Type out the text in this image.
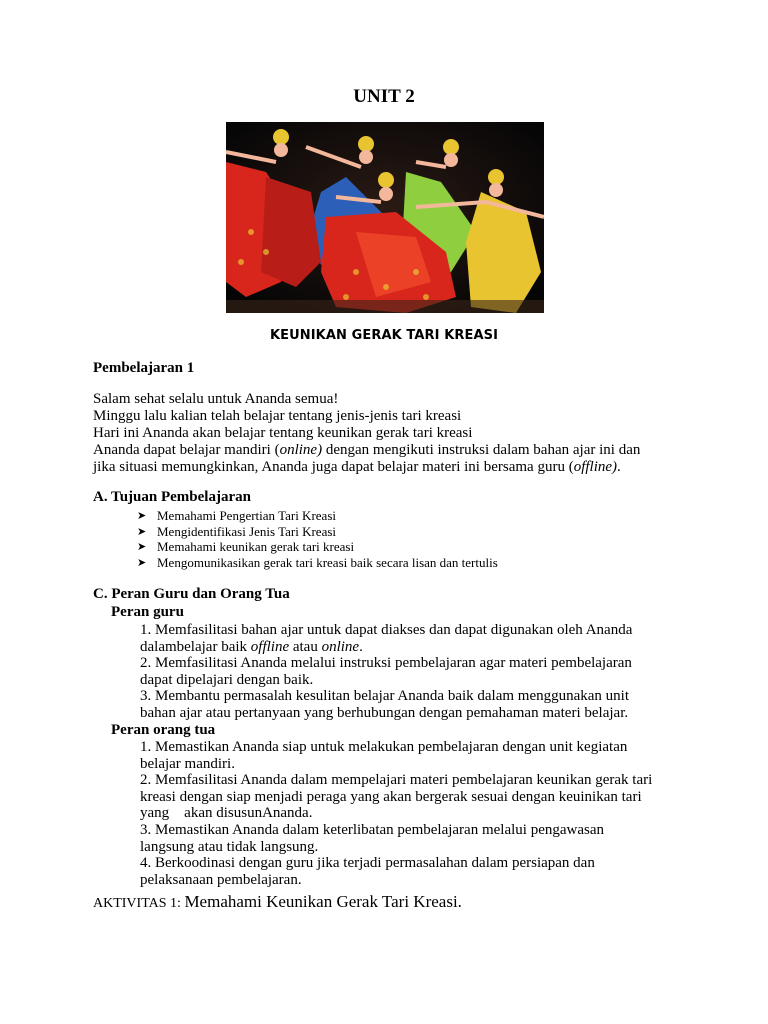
UNIT 2
KEUNIKAN GERAK TARI KREASI
Pembelajaran 1
Salam sehat selalu untuk Ananda semua!
Minggu lalu kalian telah belajar tentang jenis-jenis tari kreasi
Hari ini Ananda akan belajar tentang keunikan gerak tari kreasi
Ananda dapat belajar mandiri (online) dengan mengikuti instruksi dalam bahan ajar ini dan
jika situasi memungkinkan, Ananda juga dapat belajar materi ini bersama guru (offline).
A. Tujuan Pembelajaran
➤ Memahami Pengertian Tari Kreasi
➤ Mengidentifikasi Jenis Tari Kreasi
➤ Memahami keunikan gerak tari kreasi
➤ Mengomunikasikan gerak tari kreasi baik secara lisan dan tertulis
C. Peran Guru dan Orang Tua
Peran guru
1. Memfasilitasi bahan ajar untuk dapat diakses dan dapat digunakan oleh Ananda
dalambelajar baik offline atau online.
2. Memfasilitasi Ananda melalui instruksi pembelajaran agar materi pembelajaran
dapat dipelajari dengan baik.
3. Membantu permasalah kesulitan belajar Ananda baik dalam menggunakan unit
bahan ajar atau pertanyaan yang berhubungan dengan pemahaman materi belajar.
Peran orang tua
1. Memastikan Ananda siap untuk melakukan pembelajaran dengan unit kegiatan
belajar mandiri.
2. Memfasilitasi Ananda dalam mempelajari materi pembelajaran keunikan gerak tari
kreasi dengan siap menjadi peraga yang akan bergerak sesuai dengan keuinikan tari
yang    akan disusunAnanda.
3. Memastikan Ananda dalam keterlibatan pembelajaran melalui pengawasan
langsung atau tidak langsung.
4. Berkoodinasi dengan guru jika terjadi permasalahan dalam persiapan dan
pelaksanaan pembelajaran.
AKTIVITAS 1: Memahami Keunikan Gerak Tari Kreasi.
